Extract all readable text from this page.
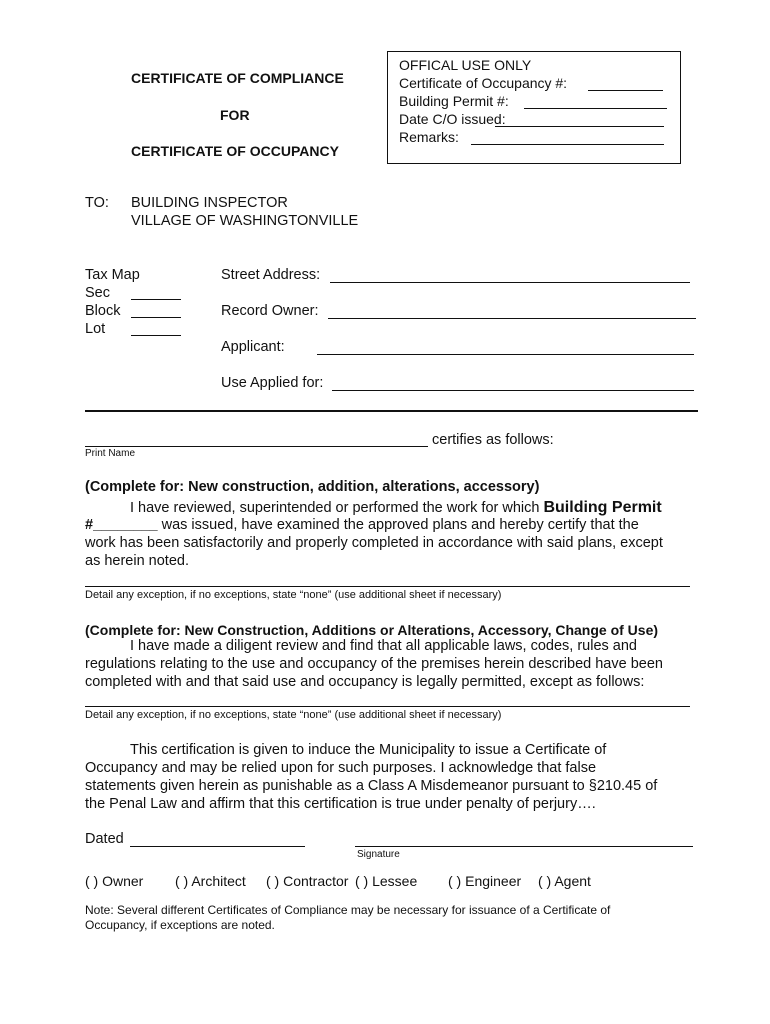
CERTIFICATE OF COMPLIANCE
FOR
CERTIFICATE OF OCCUPANCY
OFFICAL USE ONLY
Certificate of Occupancy #:
Building Permit #:
Date C/O issued:
Remarks:
TO: BUILDING INSPECTOR
VILLAGE OF WASHINGTONVILLE
Tax Map
Sec
Block
Lot
Street Address:
Record Owner:
Applicant:
Use Applied for:
certifies as follows:
Print Name
(Complete for: New construction, addition, alterations, accessory)
I have reviewed, superintended or performed the work for which Building Permit
#________ was issued, have examined the approved plans and hereby certify that the
work has been satisfactorily and properly completed in accordance with said plans, except
as herein noted.
Detail any exception, if no exceptions, state “none” (use additional sheet if necessary)
(Complete for: New Construction, Additions or Alterations, Accessory, Change of Use)
I have made a diligent review and find that all applicable laws, codes, rules and
regulations relating to the use and occupancy of the premises herein described have been
completed with and that said use and occupancy is legally permitted, except as follows:
Detail any exception, if no exceptions, state “none” (use additional sheet if necessary)
This certification is given to induce the Municipality to issue a Certificate of
Occupancy and may be relied upon for such purposes. I acknowledge that false
statements given herein as punishable as a Class A Misdemeanor pursuant to §210.45 of
the Penal Law and affirm that this certification is true under penalty of perjury….
Dated
Signature
( ) Owner ( ) Architect ( ) Contractor ( ) Lessee ( ) Engineer ( ) Agent
Note: Several different Certificates of Compliance may be necessary for issuance of a Certificate of
Occupancy, if exceptions are noted.
